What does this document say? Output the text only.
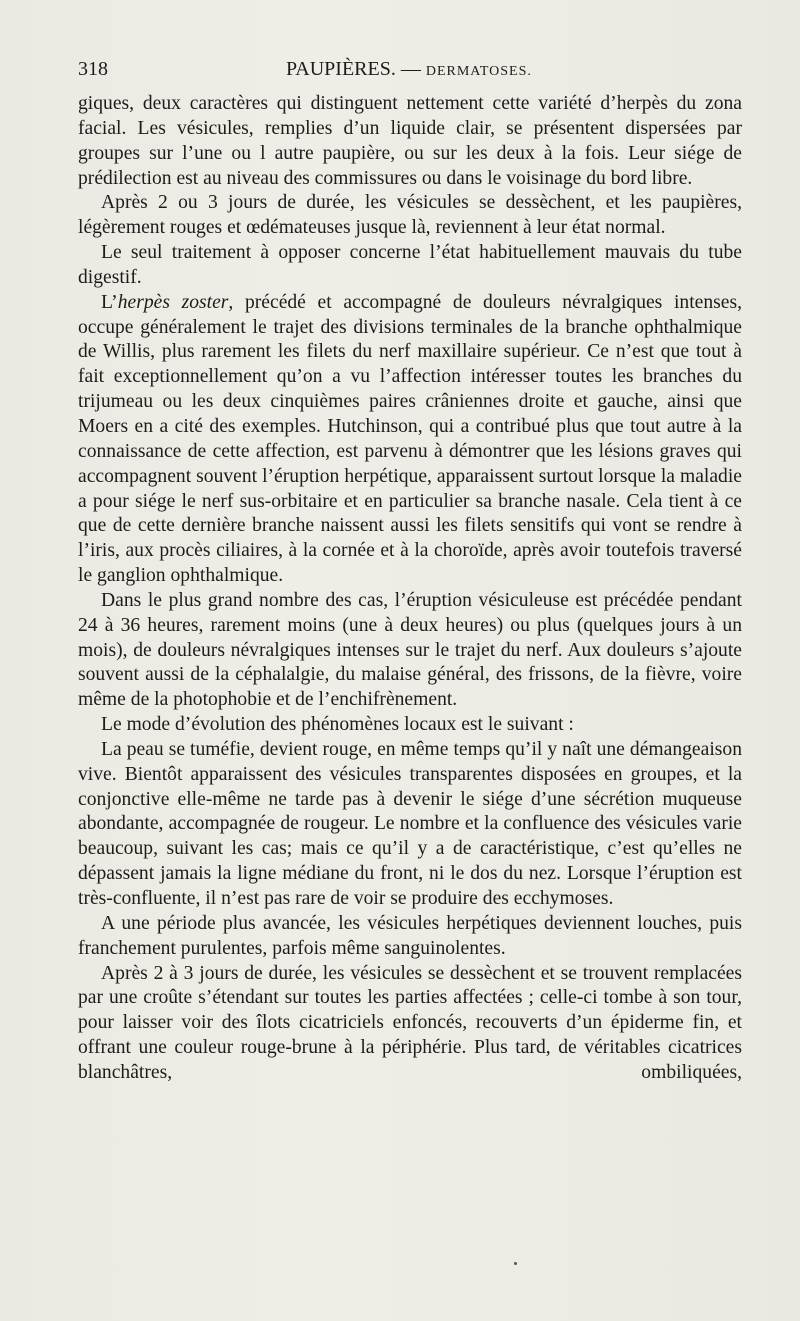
318	PAUPIÈRES. — DERMATOSES.

giques, deux caractères qui distinguent nettement cette variété d’herpès du zona facial. Les vésicules, remplies d’un liquide clair, se présentent dispersées par groupes sur l’une ou l autre paupière, ou sur les deux à la fois. Leur siége de prédilection est au niveau des commissures ou dans le voisinage du bord libre.

Après 2 ou 3 jours de durée, les vésicules se dessèchent, et les paupières, légèrement rouges et œdémateuses jusque là, reviennent à leur état normal.

Le seul traitement à opposer concerne l’état habituellement mauvais du tube digestif.

L’herpès zoster, précédé et accompagné de douleurs névralgiques intenses, occupe généralement le trajet des divisions terminales de la branche ophthalmique de Willis, plus rarement les filets du nerf maxillaire supérieur. Ce n’est que tout à fait exceptionnellement qu’on a vu l’affection intéresser toutes les branches du trijumeau ou les deux cinquièmes paires crâniennes droite et gauche, ainsi que Moers en a cité des exemples. Hutchinson, qui a contribué plus que tout autre à la connaissance de cette affection, est parvenu à démontrer que les lésions graves qui accompagnent souvent l’éruption herpétique, apparaissent surtout lorsque la maladie a pour siége le nerf sus-orbitaire et en particulier sa branche nasale. Cela tient à ce que de cette dernière branche naissent aussi les filets sensitifs qui vont se rendre à l’iris, aux procès ciliaires, à la cornée et à la choroïde, après avoir toutefois traversé le ganglion ophthalmique.

Dans le plus grand nombre des cas, l’éruption vésiculeuse est précédée pendant 24 à 36 heures, rarement moins (une à deux heures) ou plus (quelques jours à un mois), de douleurs névralgiques intenses sur le trajet du nerf. Aux douleurs s’ajoute souvent aussi de la céphalalgie, du malaise général, des frissons, de la fièvre, voire même de la photophobie et de l’enchifrènement.

Le mode d’évolution des phénomènes locaux est le suivant :

La peau se tuméfie, devient rouge, en même temps qu’il y naît une démangeaison vive. Bientôt apparaissent des vésicules transparentes disposées en groupes, et la conjonctive elle-même ne tarde pas à devenir le siége d’une sécrétion muqueuse abondante, accompagnée de rougeur. Le nombre et la confluence des vésicules varie beaucoup, suivant les cas; mais ce qu’il y a de caractéristique, c’est qu’elles ne dépassent jamais la ligne médiane du front, ni le dos du nez. Lorsque l’éruption est très-confluente, il n’est pas rare de voir se produire des ecchymoses.

A une période plus avancée, les vésicules herpétiques deviennent louches, puis franchement purulentes, parfois même sanguinolentes.

Après 2 à 3 jours de durée, les vésicules se dessèchent et se trouvent remplacées par une croûte s’étendant sur toutes les parties affectées ; celle-ci tombe à son tour, pour laisser voir des îlots cicatriciels enfoncés, recouverts d’un épiderme fin, et offrant une couleur rouge-brune à la périphérie. Plus tard, de véritables cicatrices blanchâtres, ombiliquées,
